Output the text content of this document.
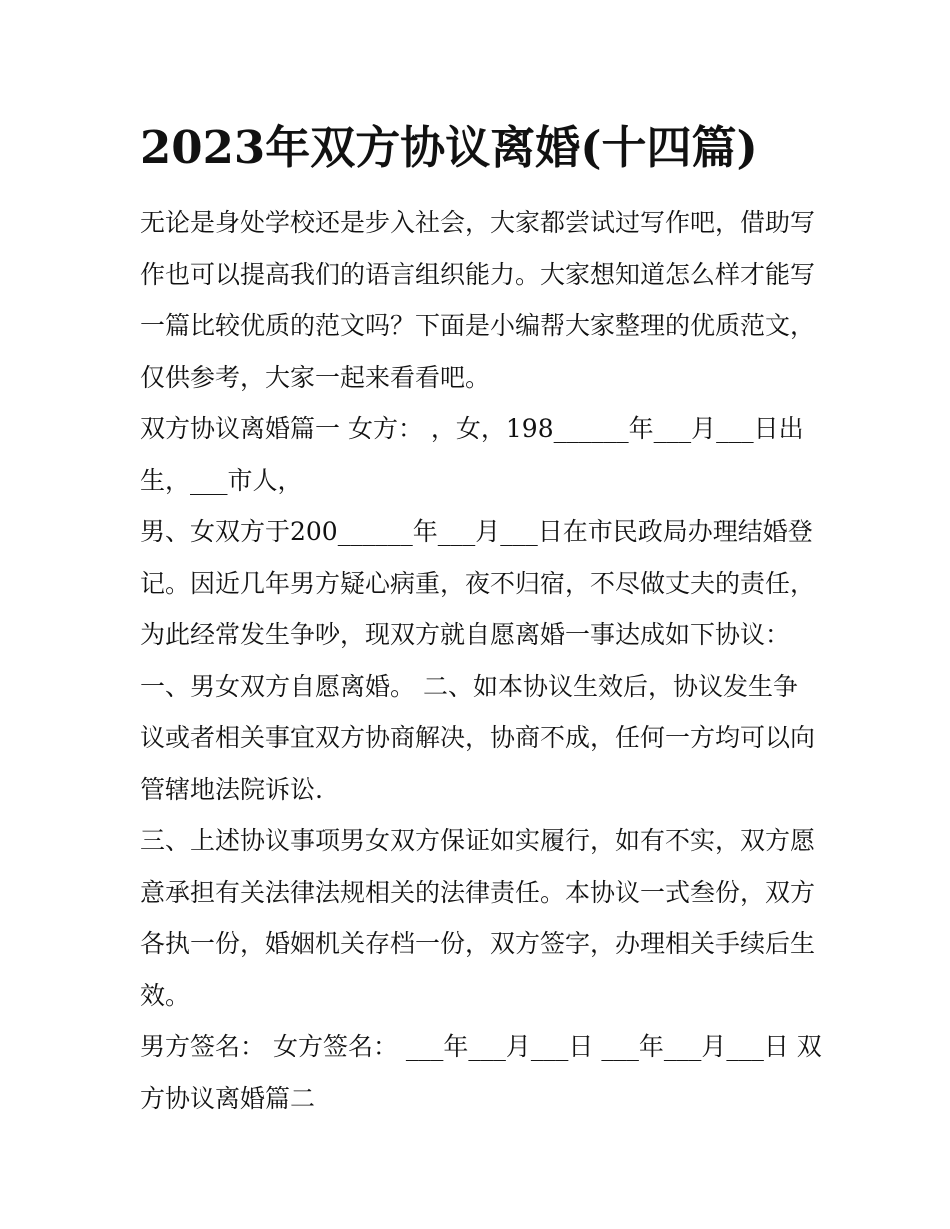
2023年双方协议离婚(十四篇)

无论是身处学校还是步入社会，大家都尝试过写作吧，借助写
作也可以提高我们的语言组织能力。大家想知道怎么样才能写
一篇比较优质的范文吗？下面是小编帮大家整理的优质范文，
仅供参考，大家一起来看看吧。

双方协议离婚篇一 女方： ，女，198______年___月___日出
生，___市人，

男、女双方于200______年___月___日在市民政局办理结婚登
记。因近几年男方疑心病重，夜不归宿，不尽做丈夫的责任，
为此经常发生争吵，现双方就自愿离婚一事达成如下协议：

一、男女双方自愿离婚。 二、如本协议生效后，协议发生争
议或者相关事宜双方协商解决，协商不成，任何一方均可以向
管辖地法院诉讼.

三、上述协议事项男女双方保证如实履行，如有不实，双方愿
意承担有关法律法规相关的法律责任。本协议一式叁份，双方
各执一份，婚姻机关存档一份，双方签字，办理相关手续后生
效。

男方签名： 女方签名： ___年___月___日 ___年___月___日 双
方协议离婚篇二
